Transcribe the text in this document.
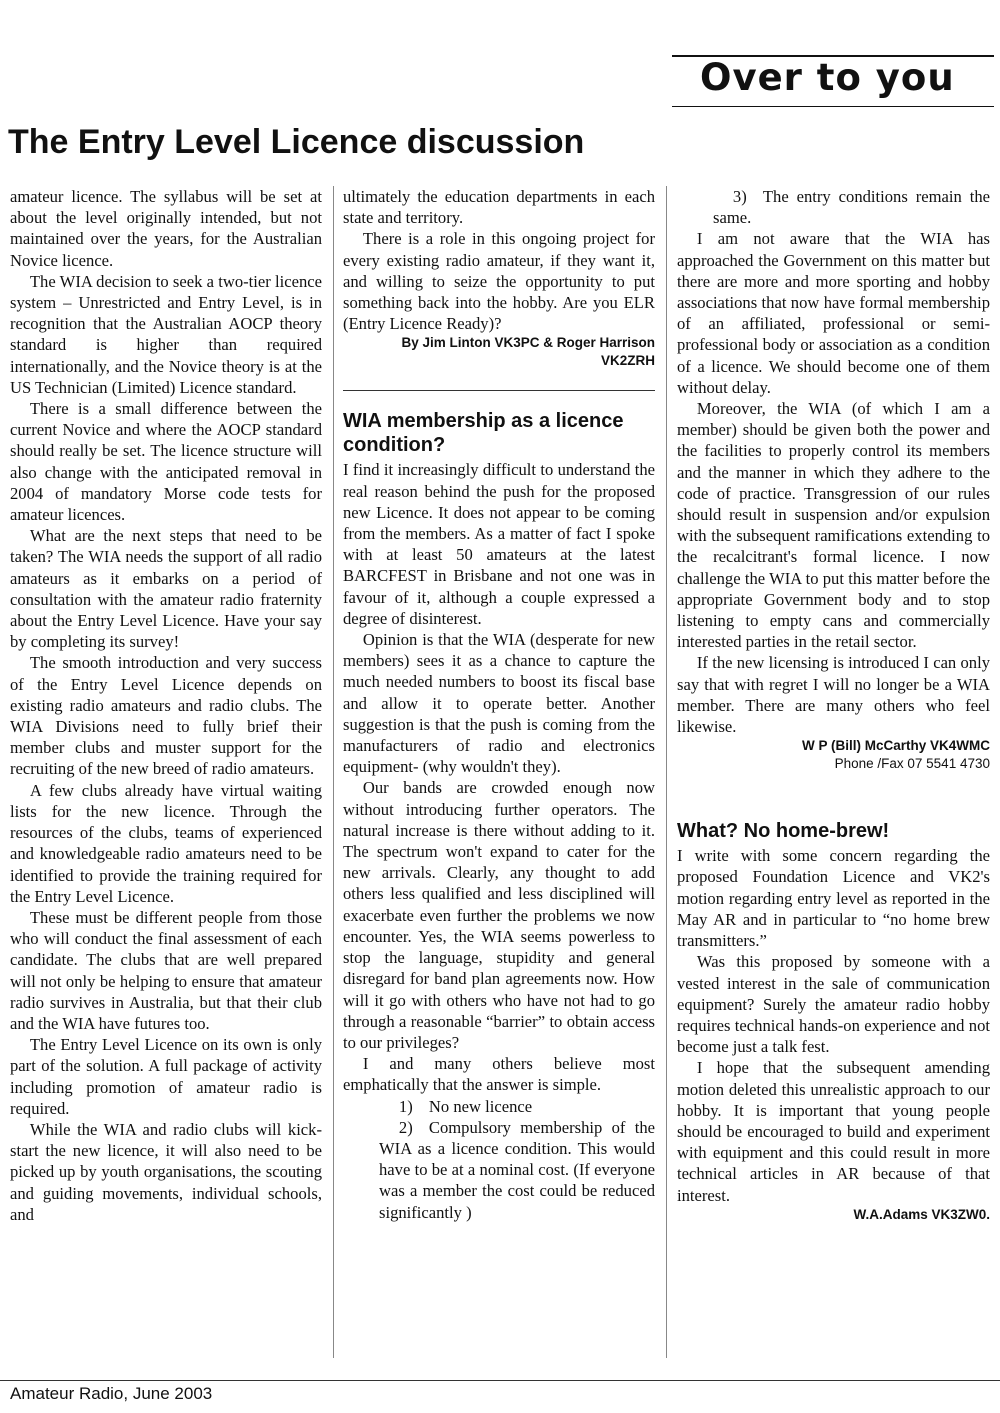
Over to you
The Entry Level Licence discussion

amateur licence. The syllabus will be set at about the level originally intended, but not maintained over the years, for the Australian Novice licence.

The WIA decision to seek a two-tier licence system – Unrestricted and Entry Level, is in recognition that the Australian AOCP theory standard is higher than required internationally, and the Novice theory is at the US Technician (Limited) Licence standard.

There is a small difference between the current Novice and where the AOCP standard should really be set. The licence structure will also change with the anticipated removal in 2004 of mandatory Morse code tests for amateur licences.

What are the next steps that need to be taken? The WIA needs the support of all radio amateurs as it embarks on a period of consultation with the amateur radio fraternity about the Entry Level Licence. Have your say by completing its survey!

The smooth introduction and very success of the Entry Level Licence depends on existing radio amateurs and radio clubs. The WIA Divisions need to fully brief their member clubs and muster support for the recruiting of the new breed of radio amateurs.

A few clubs already have virtual waiting lists for the new licence. Through the resources of the clubs, teams of experienced and knowledgeable radio amateurs need to be identified to provide the training required for the Entry Level Licence.

These must be different people from those who will conduct the final assessment of each candidate. The clubs that are well prepared will not only be helping to ensure that amateur radio survives in Australia, but that their club and the WIA have futures too.

The Entry Level Licence on its own is only part of the solution. A full package of activity including promotion of amateur radio is required.

While the WIA and radio clubs will kick-start the new licence, it will also need to be picked up by youth organisations, the scouting and guiding movements, individual schools, and

ultimately the education departments in each state and territory.

There is a role in this ongoing project for every existing radio amateur, if they want it, and willing to seize the opportunity to put something back into the hobby. Are you ELR (Entry Licence Ready)?

By Jim Linton VK3PC & Roger Harrison
VK2ZRH

WIA membership as a licence condition?

I find it increasingly difficult to understand the real reason behind the push for the proposed new Licence. It does not appear to be coming from the members. As a matter of fact I spoke with at least 50 amateurs at the latest BARCFEST in Brisbane and not one was in favour of it, although a couple expressed a degree of disinterest.

Opinion is that the WIA (desperate for new members) sees it as a chance to capture the much needed numbers to boost its fiscal base and allow it to operate better. Another suggestion is that the push is coming from the manufacturers of radio and electronics equipment- (why wouldn't they).

Our bands are crowded enough now without introducing further operators. The natural increase is there without adding to it. The spectrum won't expand to cater for the new arrivals. Clearly, any thought to add others less qualified and less disciplined will exacerbate even further the problems we now encounter. Yes, the WIA seems powerless to stop the language, stupidity and general disregard for band plan agreements now. How will it go with others who have not had to go through a reasonable “barrier” to obtain access to our privileges?

I and many others believe most emphatically that the answer is simple.

1) No new licence

2) Compulsory membership of the WIA as a licence condition. This would have to be at a nominal cost. (If everyone was a member the cost could be reduced significantly )

3) The entry conditions remain the same.

I am not aware that the WIA has approached the Government on this matter but there are more and more sporting and hobby associations that now have formal membership of an affiliated, professional or semi-professional body or association as a condition of a licence. We should become one of them without delay.

Moreover, the WIA (of which I am a member) should be given both the power and the facilities to properly control its members and the manner in which they adhere to the code of practice. Transgression of our rules should result in suspension and/or expulsion with the subsequent ramifications extending to the recalcitrant's formal licence. I now challenge the WIA to put this matter before the appropriate Government body and to stop listening to empty cans and commercially interested parties in the retail sector.

If the new licensing is introduced I can only say that with regret I will no longer be a WIA member. There are many others who feel likewise.

W P (Bill) McCarthy VK4WMC

Phone /Fax 07 5541 4730

What? No home-brew!

I write with some concern regarding the proposed Foundation Licence and VK2's motion regarding entry level as reported in the May AR and in particular to “no home brew transmitters.”

Was this proposed by someone with a vested interest in the sale of communication equipment? Surely the amateur radio hobby requires technical hands-on experience and not become just a talk fest.

I hope that the subsequent amending motion deleted this unrealistic approach to our hobby. It is important that young people should be encouraged to build and experiment with equipment and this could result in more technical articles in AR because of that interest.

W.A.Adams VK3ZW0.

Amateur Radio, June 2003
